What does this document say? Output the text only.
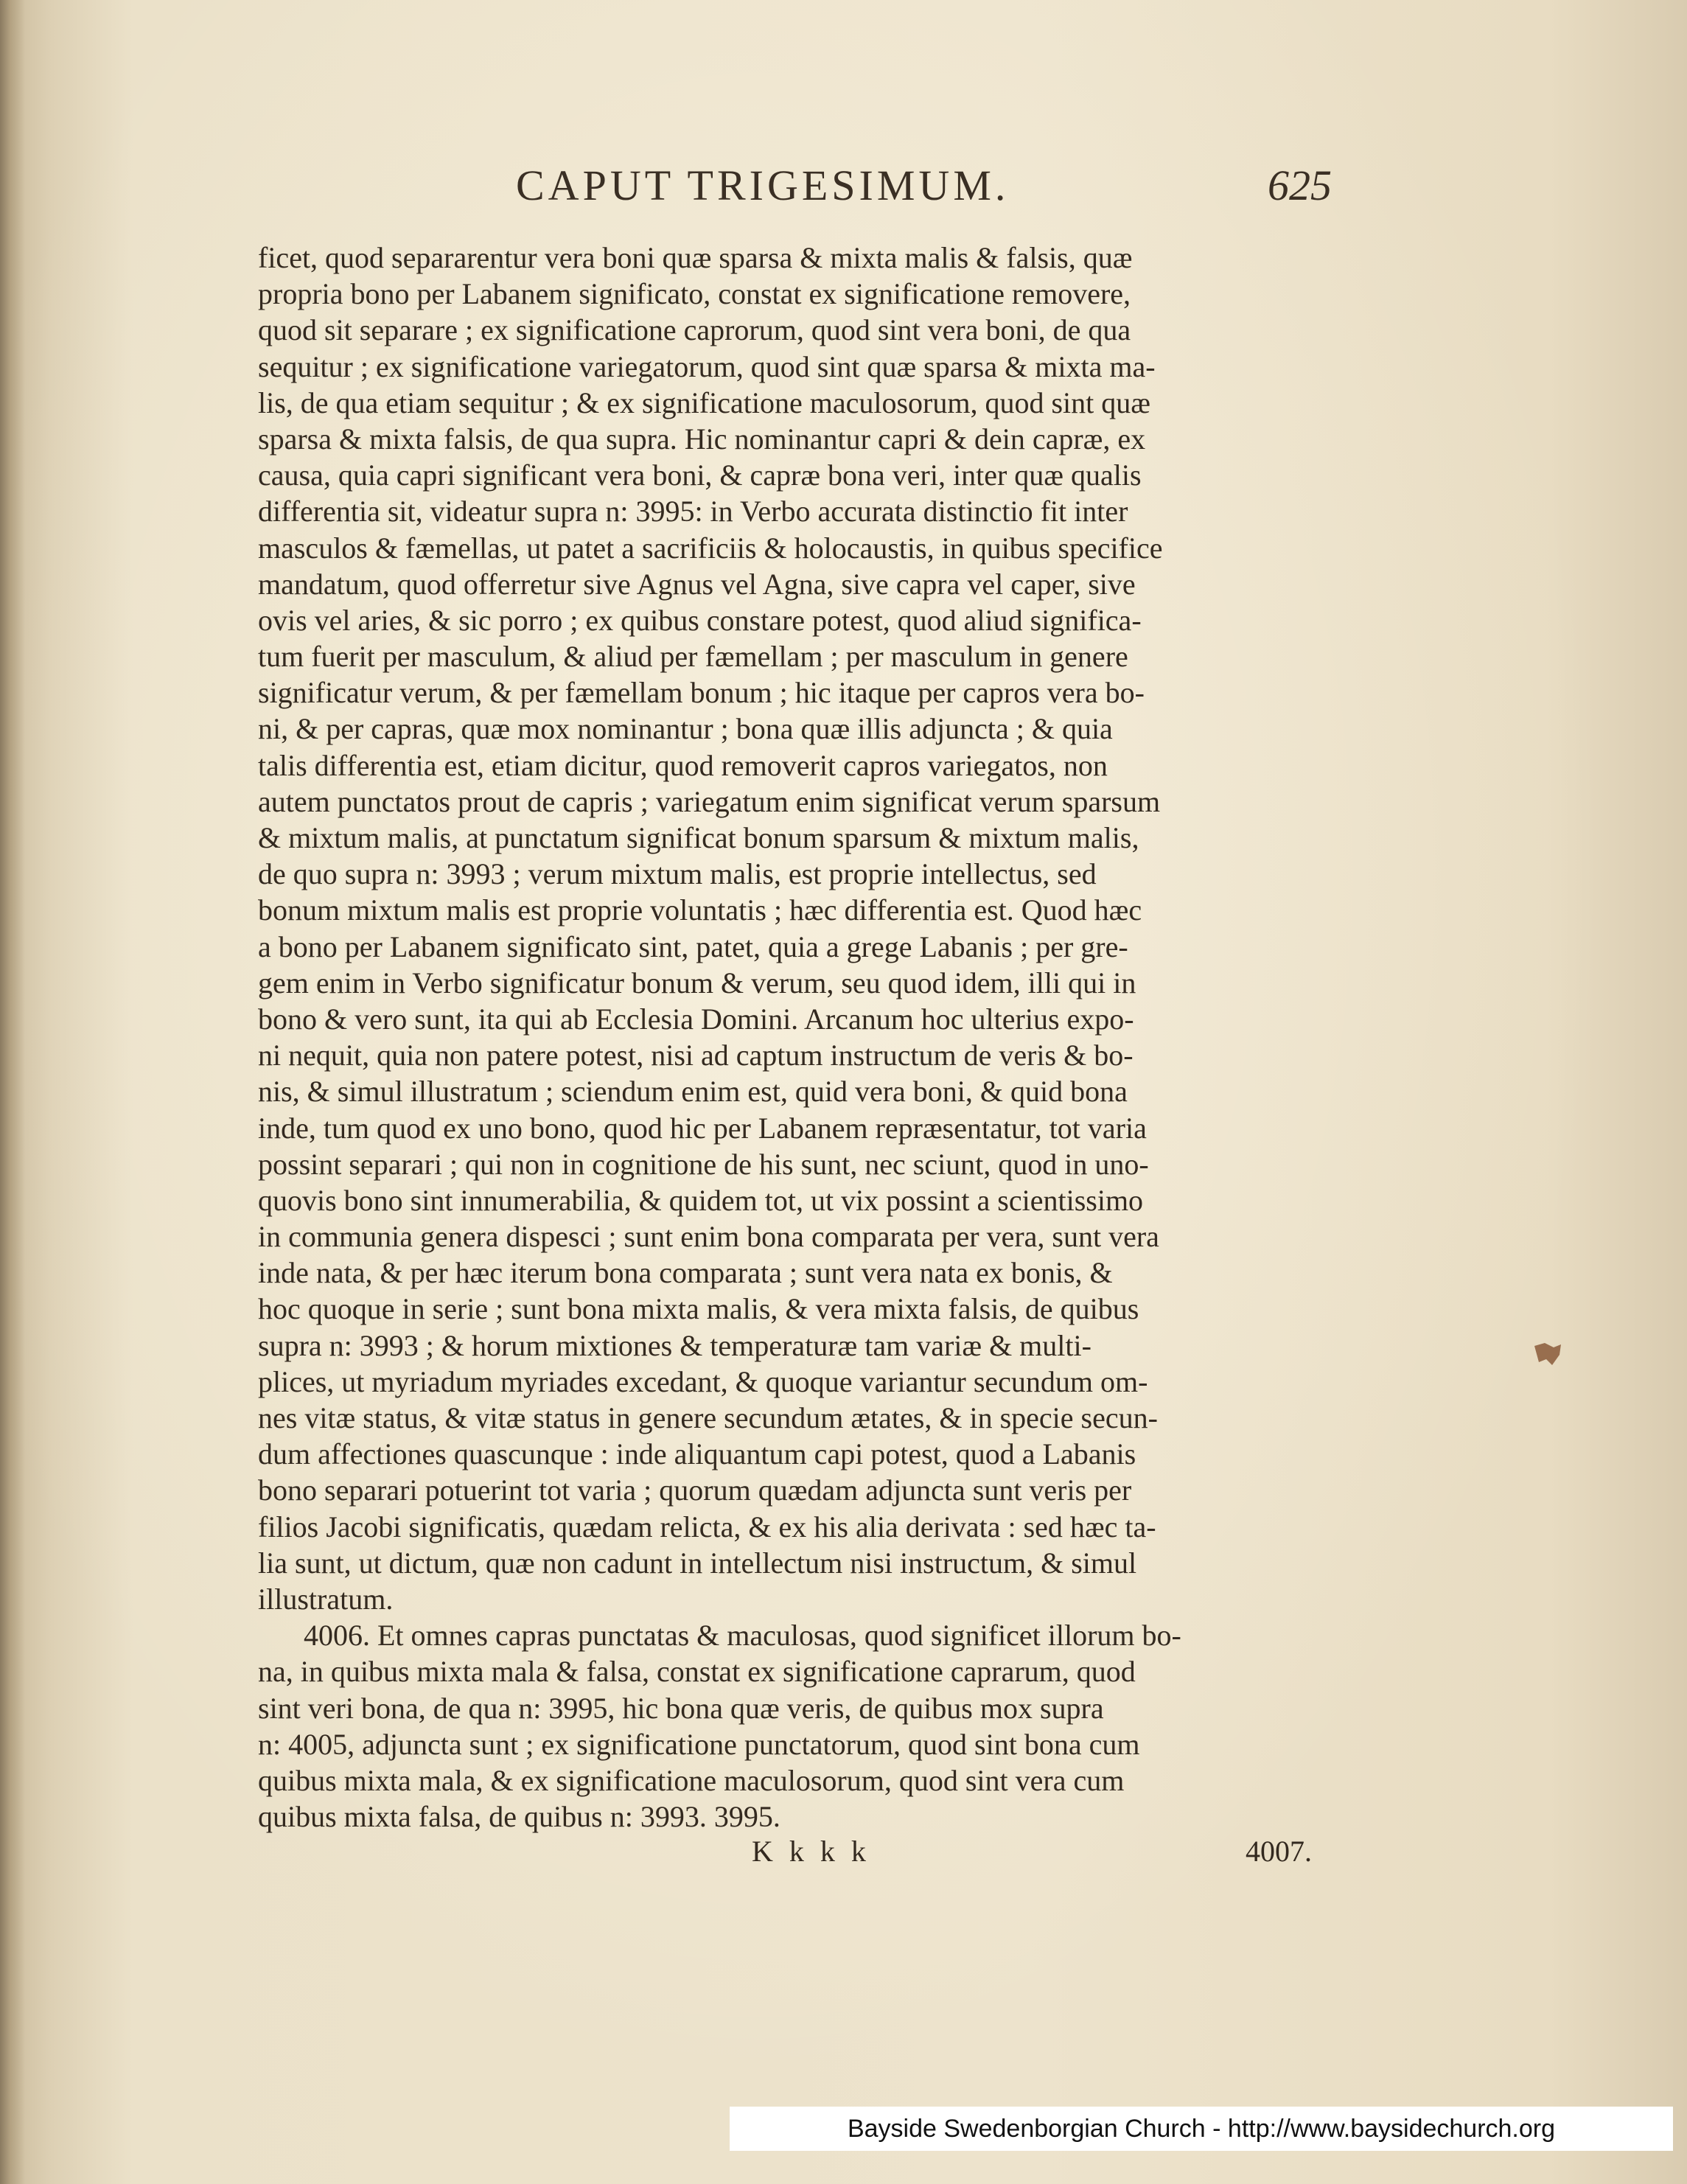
CAPUT TRIGESIMUM.	625
ficet, quod separarentur vera boni quæ sparsa & mixta malis & falsis, quæ
propria bono per Labanem significato, constat ex significatione removere,
quod sit separare ; ex significatione caprorum, quod sint vera boni, de qua
sequitur ; ex significatione variegatorum, quod sint quæ sparsa & mixta ma-
lis, de qua etiam sequitur ; & ex significatione maculosorum, quod sint quæ
sparsa & mixta falsis, de qua supra. Hic nominantur capri & dein capræ, ex
causa, quia capri significant vera boni, & capræ bona veri, inter quæ qualis
differentia sit, videatur supra n: 3995: in Verbo accurata distinctio fit inter
masculos & fæmellas, ut patet a sacrificiis & holocaustis, in quibus specifice
mandatum, quod offerretur sive Agnus vel Agna, sive capra vel caper, sive
ovis vel aries, & sic porro ; ex quibus constare potest, quod aliud significa-
tum fuerit per masculum, & aliud per fæmellam ; per masculum in genere
significatur verum, & per fæmellam bonum ; hic itaque per capros vera bo-
ni, & per capras, quæ mox nominantur ; bona quæ illis adjuncta ; & quia
talis differentia est, etiam dicitur, quod removerit capros variegatos, non
autem punctatos prout de capris ; variegatum enim significat verum sparsum
& mixtum malis, at punctatum significat bonum sparsum & mixtum malis,
de quo supra n: 3993 ; verum mixtum malis, est proprie intellectus, sed
bonum mixtum malis est proprie voluntatis ; hæc differentia est. Quod hæc
a bono per Labanem significato sint, patet, quia a grege Labanis ; per gre-
gem enim in Verbo significatur bonum & verum, seu quod idem, illi qui in
bono & vero sunt, ita qui ab Ecclesia Domini. Arcanum hoc ulterius expo-
ni nequit, quia non patere potest, nisi ad captum instructum de veris & bo-
nis, & simul illustratum ; sciendum enim est, quid vera boni, & quid bona
inde, tum quod ex uno bono, quod hic per Labanem repræsentatur, tot varia
possint separari ; qui non in cognitione de his sunt, nec sciunt, quod in uno-
quovis bono sint innumerabilia, & quidem tot, ut vix possint a scientissimo
in communia genera dispesci ; sunt enim bona comparata per vera, sunt vera
inde nata, & per hæc iterum bona comparata ; sunt vera nata ex bonis, &
hoc quoque in serie ; sunt bona mixta malis, & vera mixta falsis, de quibus
supra n: 3993 ; & horum mixtiones & temperaturæ tam variæ & multi-
plices, ut myriadum myriades excedant, & quoque variantur secundum om-
nes vitæ status, & vitæ status in genere secundum ætates, & in specie secun-
dum affectiones quascunque : inde aliquantum capi potest, quod a Labanis
bono separari potuerint tot varia ; quorum quædam adjuncta sunt veris per
filios Jacobi significatis, quædam relicta, & ex his alia derivata : sed hæc ta-
lia sunt, ut dictum, quæ non cadunt in intellectum nisi instructum, & simul
illustratum.
4006. Et omnes capras punctatas & maculosas, quod significet illorum bo-
na, in quibus mixta mala & falsa, constat ex significatione caprarum, quod
sint veri bona, de qua n: 3995, hic bona quæ veris, de quibus mox supra
n: 4005, adjuncta sunt ; ex significatione punctatorum, quod sint bona cum
quibus mixta mala, & ex significatione maculosorum, quod sint vera cum
quibus mixta falsa, de quibus n: 3993. 3995.
K k k k	4007.
Bayside Swedenborgian Church - http://www.baysidechurch.org
